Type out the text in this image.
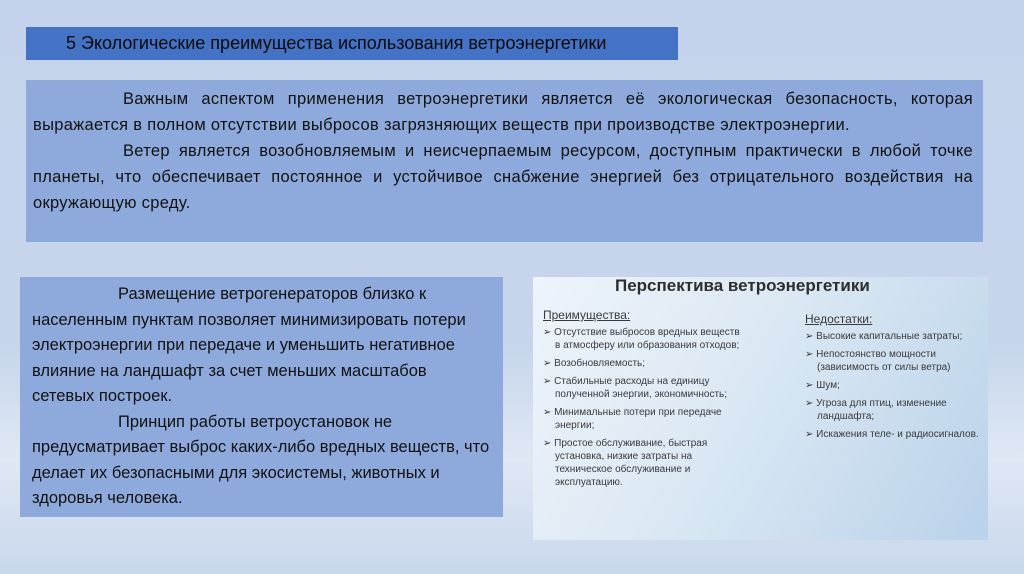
5 Экологические преимущества использования ветроэнергетики

Важным аспектом применения ветроэнергетики является её экологическая безопасность, которая выражается в полном отсутствии выбросов загрязняющих веществ при производстве электроэнергии.

Ветер является возобновляемым и неисчерпаемым ресурсом, доступным практически в любой точке планеты, что обеспечивает постоянное и устойчивое снабжение энергией без отрицательного воздействия на окружающую среду.

Размещение ветрогенераторов близко к населенным пунктам позволяет минимизировать потери электроэнергии при передаче и уменьшить негативное влияние на ландшафт за счет меньших масштабов сетевых построек.

Принцип работы ветроустановок не предусматривает выброс каких-либо вредных веществ, что делает их безопасными для экосистемы, животных и здоровья человека.

Перспектива ветроэнергетики
Преимущества:
➢ Отсутствие выбросов вредных веществ в атмосферу или образования отходов;
➢ Возобновляемость;
➢ Стабильные расходы на единицу полученной энергии, экономичность;
➢ Минимальные потери при передаче энергии;
➢ Простое обслуживание, быстрая установка, низкие затраты на техническое обслуживание и эксплуатацию.
Недостатки:
➢ Высокие капитальные затраты;
➢ Непостоянство мощности (зависимость от силы ветра)
➢ Шум;
➢ Угроза для птиц, изменение ландшафта;
➢ Искажения теле- и радиосигналов.
